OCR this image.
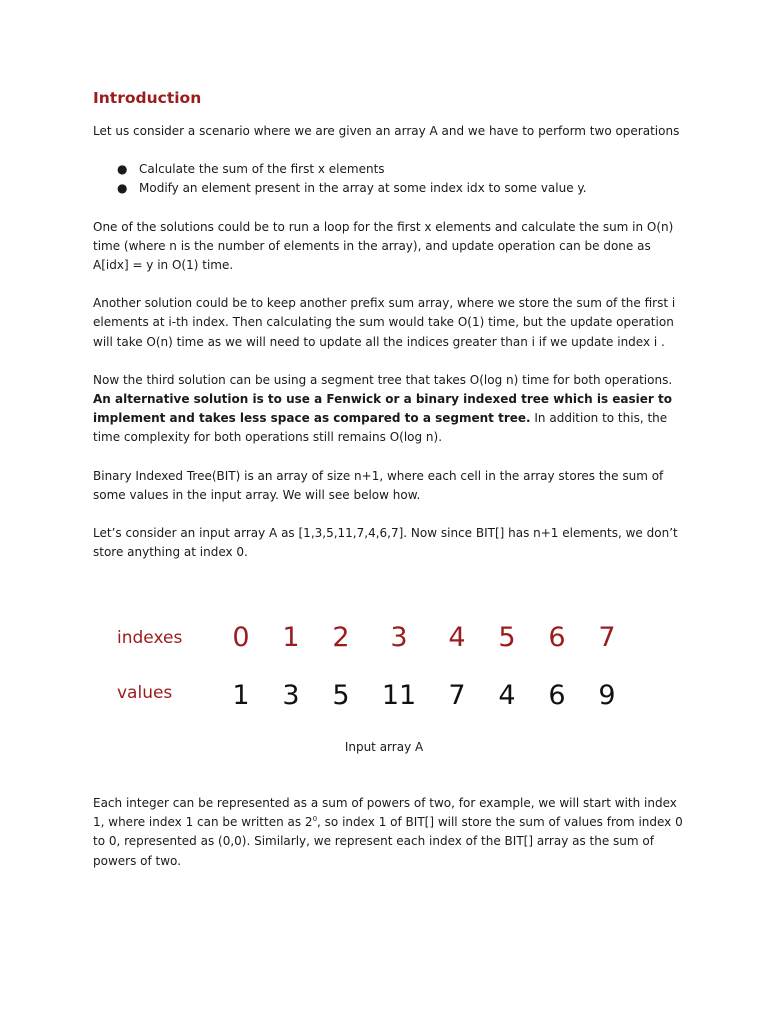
Introduction

Let us consider a scenario where we are given an array A and we have to perform two operations

● Calculate the sum of the first x elements
● Modify an element present in the array at some index idx to some value y.

One of the solutions could be to run a loop for the first x elements and calculate the sum in O(n) time (where n is the number of elements in the array), and update operation can be done as A[idx] = y in O(1) time.

Another solution could be to keep another prefix sum array, where we store the sum of the first i elements at i-th index. Then calculating the sum would take O(1) time, but the update operation will take O(n) time as we will need to update all the indices greater than i if we update index i .

Now the third solution can be using a segment tree that takes O(log n) time for both operations. An alternative solution is to use a Fenwick or a binary indexed tree which is easier to implement and takes less space as compared to a segment tree. In addition to this, the time complexity for both operations still remains O(log n).

Binary Indexed Tree(BIT) is an array of size n+1, where each cell in the array stores the sum of some values in the input array. We will see below how.

Let’s consider an input array A as [1,3,5,11,7,4,6,7]. Now since BIT[] has n+1 elements, we don’t store anything at index 0.

indexes	0	1	2	3	4	5	6	7
values	1	3	5	11	7	4	6	9
Input array A

Each integer can be represented as a sum of powers of two, for example, we will start with index 1, where index 1 can be written as $2^0$, so index 1 of BIT[] will store the sum of values from index 0 to 0, represented as (0,0). Similarly, we represent each index of the BIT[] array as the sum of powers of two.
